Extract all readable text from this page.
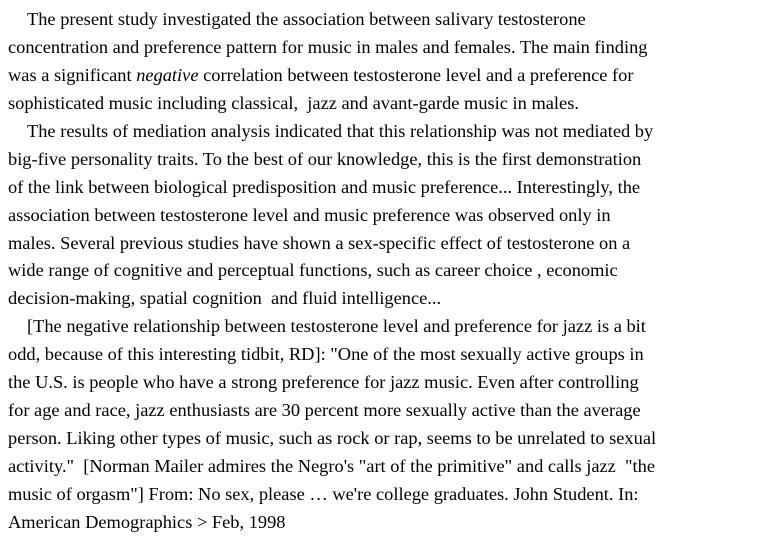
The present study investigated the association between salivary testosterone
concentration and preference pattern for music in males and females. The main finding
was a significant negative correlation between testosterone level and a preference for
sophisticated music including classical,  jazz and avant-garde music in males.
The results of mediation analysis indicated that this relationship was not mediated by
big-five personality traits. To the best of our knowledge, this is the first demonstration
of the link between biological predisposition and music preference... Interestingly, the
association between testosterone level and music preference was observed only in
males. Several previous studies have shown a sex-specific effect of testosterone on a
wide range of cognitive and perceptual functions, such as career choice , economic
decision-making, spatial cognition  and fluid intelligence...
[The negative relationship between testosterone level and preference for jazz is a bit
odd, because of this interesting tidbit, RD]: "One of the most sexually active groups in
the U.S. is people who have a strong preference for jazz music. Even after controlling
for age and race, jazz enthusiasts are 30 percent more sexually active than the average
person. Liking other types of music, such as rock or rap, seems to be unrelated to sexual
activity."  [Norman Mailer admires the Negro's "art of the primitive" and calls jazz  "the
music of orgasm"] From: No sex, please … we're college graduates. John Student. In:
American Demographics > Feb, 1998
